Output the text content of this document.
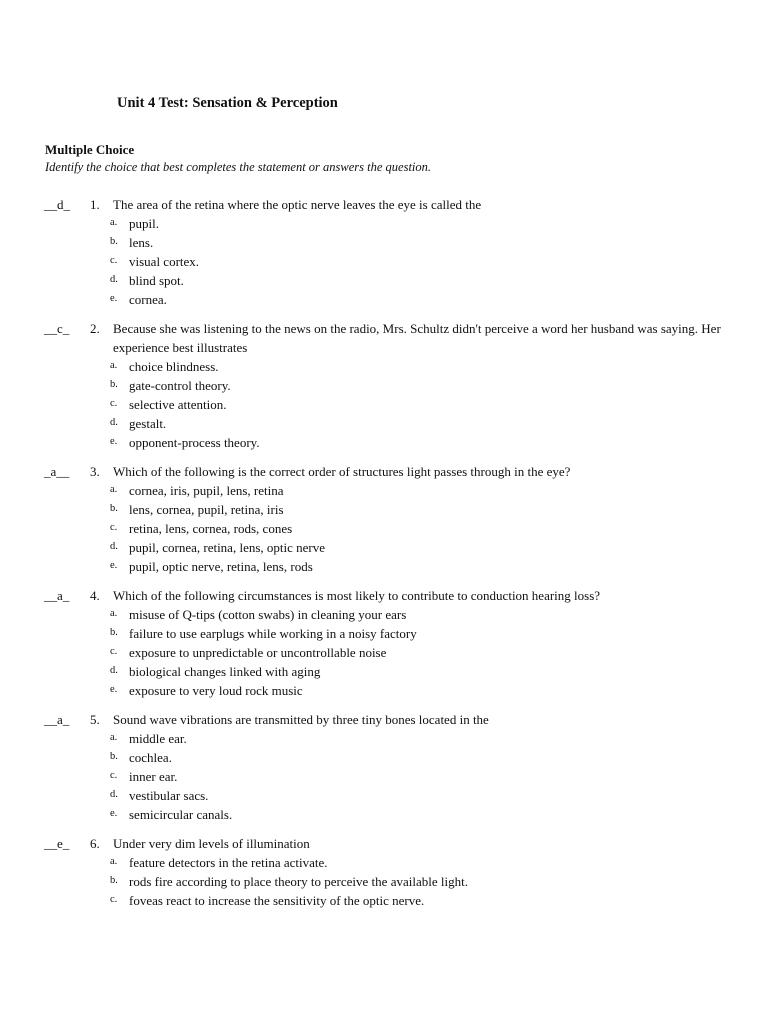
Unit 4 Test: Sensation & Perception
Multiple Choice
Identify the choice that best completes the statement or answers the question.
__d_	1.	The area of the retina where the optic nerve leaves the eye is called the
a. pupil.
b. lens.
c. visual cortex.
d. blind spot.
e. cornea.
__c_	2.	Because she was listening to the news on the radio, Mrs. Schultz didn't perceive a word her husband was saying. Her experience best illustrates
a. choice blindness.
b. gate-control theory.
c. selective attention.
d. gestalt.
e. opponent-process theory.
_a__	3.	Which of the following is the correct order of structures light passes through in the eye?
a. cornea, iris, pupil, lens, retina
b. lens, cornea, pupil, retina, iris
c. retina, lens, cornea, rods, cones
d. pupil, cornea, retina, lens, optic nerve
e. pupil, optic nerve, retina, lens, rods
__a_	4.	Which of the following circumstances is most likely to contribute to conduction hearing loss?
a. misuse of Q-tips (cotton swabs) in cleaning your ears
b. failure to use earplugs while working in a noisy factory
c. exposure to unpredictable or uncontrollable noise
d. biological changes linked with aging
e. exposure to very loud rock music
__a_	5.	Sound wave vibrations are transmitted by three tiny bones located in the
a. middle ear.
b. cochlea.
c. inner ear.
d. vestibular sacs.
e. semicircular canals.
__e_	6.	Under very dim levels of illumination
a. feature detectors in the retina activate.
b. rods fire according to place theory to perceive the available light.
c. foveas react to increase the sensitivity of the optic nerve.
